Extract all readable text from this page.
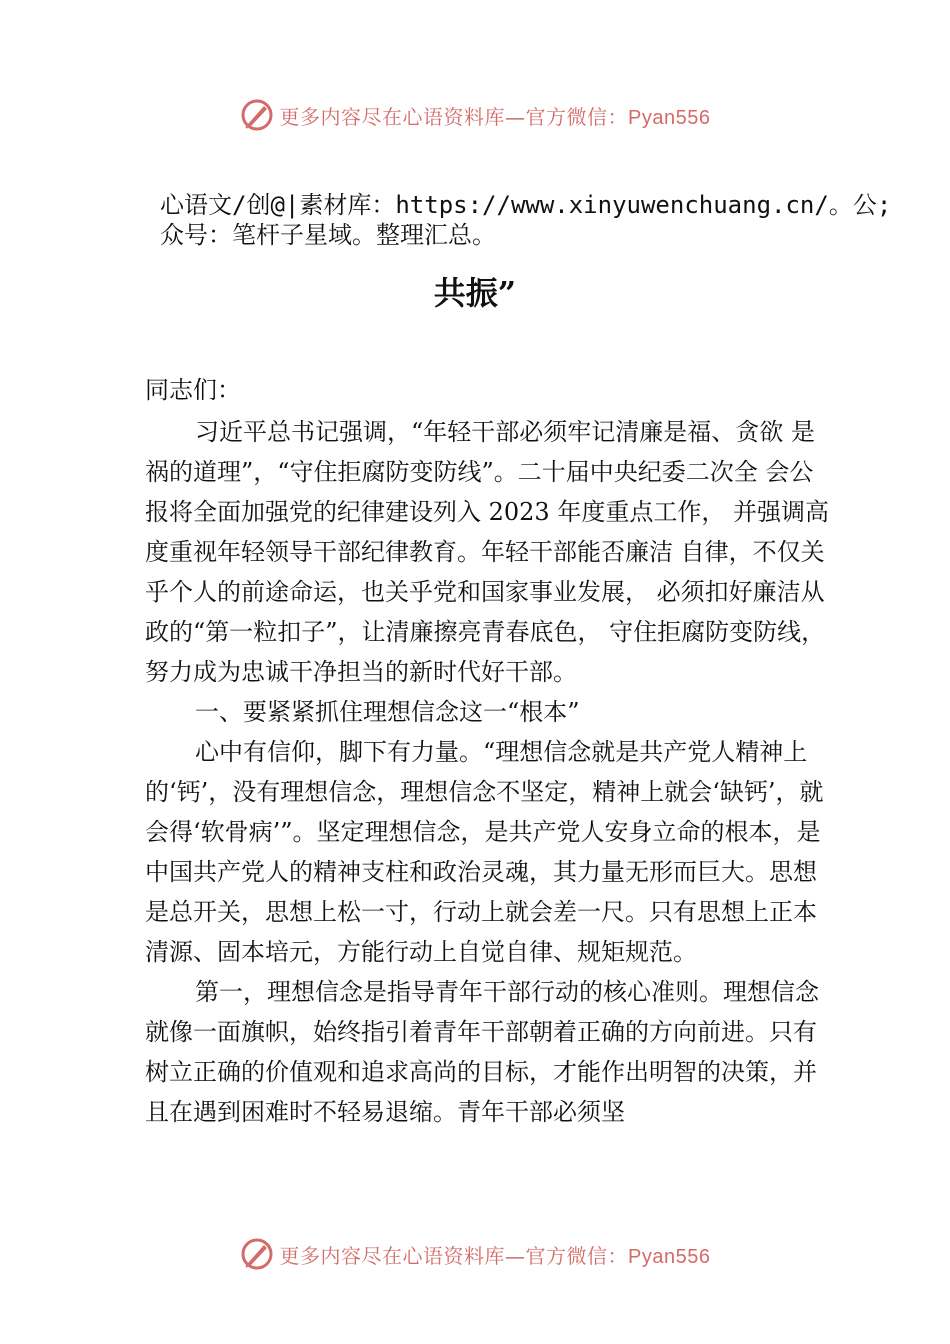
更多内容尽在心语资料库—官方微信：Pyan556
心语文/创@|素材库：https://www.xinyuwenchuang.cn/。公;
众号：笔杆子星域。整理汇总。
共振”

同志们：

习近平总书记强调，“年轻干部必须牢记清廉是福、贪欲 是祸的道理”，“守住拒腐防变防线”。二十届中央纪委二次全 会公报将全面加强党的纪律建设列入 2023 年度重点工作， 并强调高度重视年轻领导干部纪律教育。年轻干部能否廉洁 自律，不仅关乎个人的前途命运，也关乎党和国家事业发展， 必须扣好廉洁从政的“第一粒扣子”，让清廉擦亮青春底色， 守住拒腐防变防线，努力成为忠诚干净担当的新时代好干部。

一、要紧紧抓住理想信念这一“根本”

心中有信仰，脚下有力量。“理想信念就是共产党人精神上的‘钙’，没有理想信念，理想信念不坚定，精神上就会‘缺钙’，就会得‘软骨病’”。坚定理想信念，是共产党人安身立命的根本，是中国共产党人的精神支柱和政治灵魂，其力量无形而巨大。思想是总开关，思想上松一寸，行动上就会差一尺。只有思想上正本清源、固本培元，方能行动上自觉自律、规矩规范。

第一，理想信念是指导青年干部行动的核心准则。理想信念就像一面旗帜，始终指引着青年干部朝着正确的方向前进。只有树立正确的价值观和追求高尚的目标，才能作出明智的决策，并且在遇到困难时不轻易退缩。青年干部必须坚

更多内容尽在心语资料库—官方微信：Pyan556
